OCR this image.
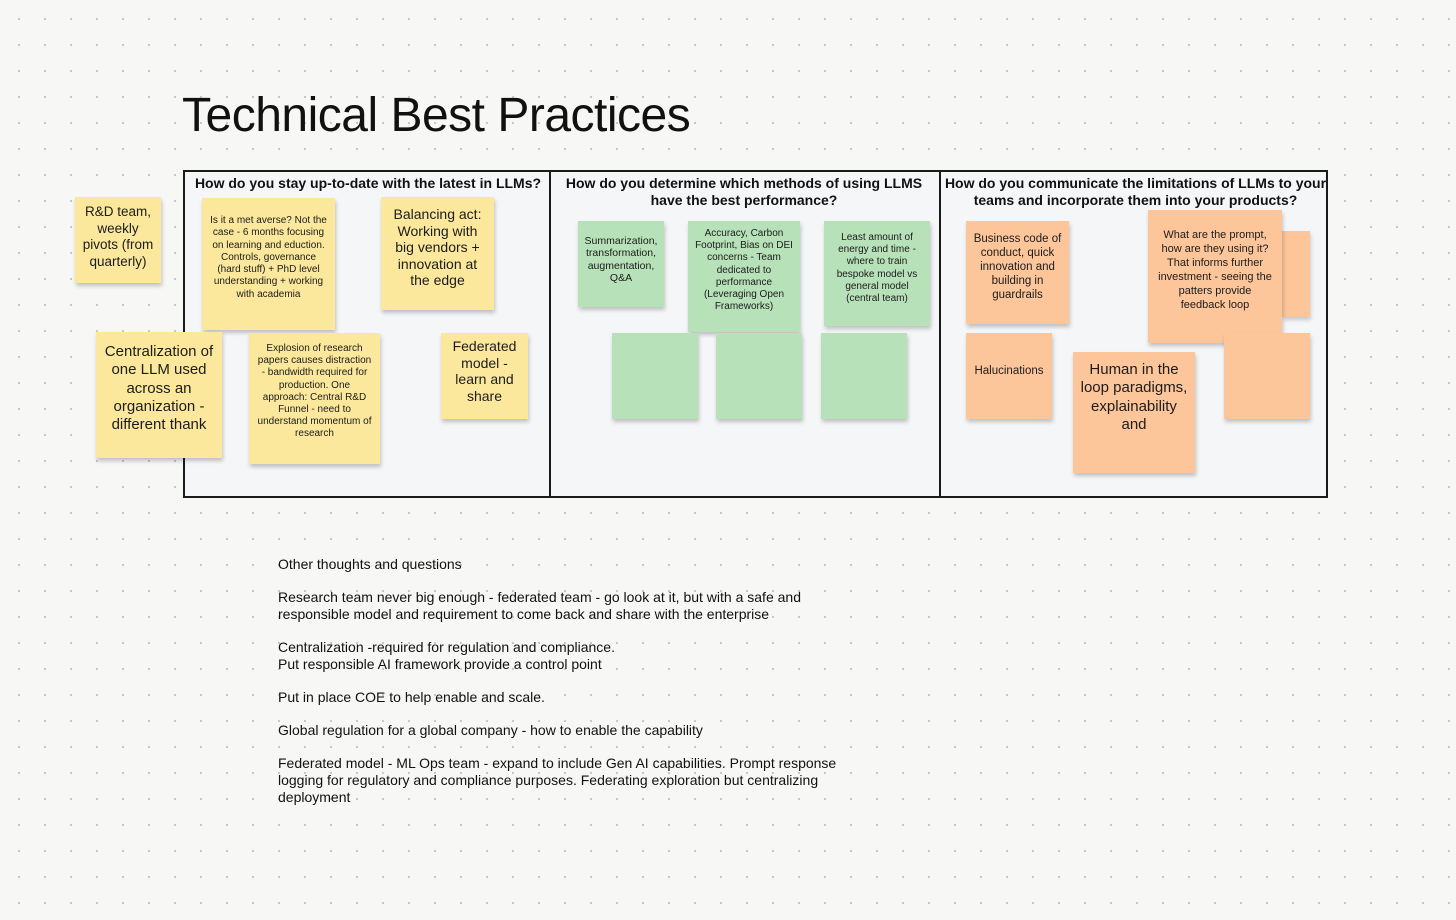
Technical Best Practices
How do you stay up-to-date with the latest in LLMs?	How do you determine which methods of using LLMS have the best performance?
How do you communicate the limitations of LLMs to your teams and incorporate them into your products?
R&D team, weekly pivots (from quarterly)
Is it a met averse? Not the case - 6 months focusing on learning and eduction. Controls, governance (hard stuff) + PhD level understanding + working with academia
Balancing act: Working with big vendors + innovation at the edge
Centralization of one LLM used across an organization - different thank
Explosion of research papers causes distraction - bandwidth required for production. One approach: Central R&D Funnel - need to understand momentum of research
Federated model - learn and share
Summarization, transformation, augmentation, Q&A
Accuracy, Carbon Footprint, Bias on DEI concerns - Team dedicated to performance (Leveraging Open Frameworks)
Least amount of energy and time - where to train bespoke model vs general model (central team)
Business code of conduct, quick innovation and building in guardrails
What are the prompt, how are they using it? That informs further investment - seeing the patters provide feedback loop
Halucinations	Human in the loop paradigms, explainability and

Other thoughts and questions

Research team never big enough - federated team - go look at it, but with a safe and responsible model and requirement to come back and share with the enterprise

Centralization -required for regulation and compliance.
Put responsible AI framework provide a control point

Put in place COE to help enable and scale.

Global regulation for a global company - how to enable the capability

Federated model - ML Ops team - expand to include Gen AI capabilities. Prompt response logging for regulatory and compliance purposes. Federating exploration but centralizing deployment
